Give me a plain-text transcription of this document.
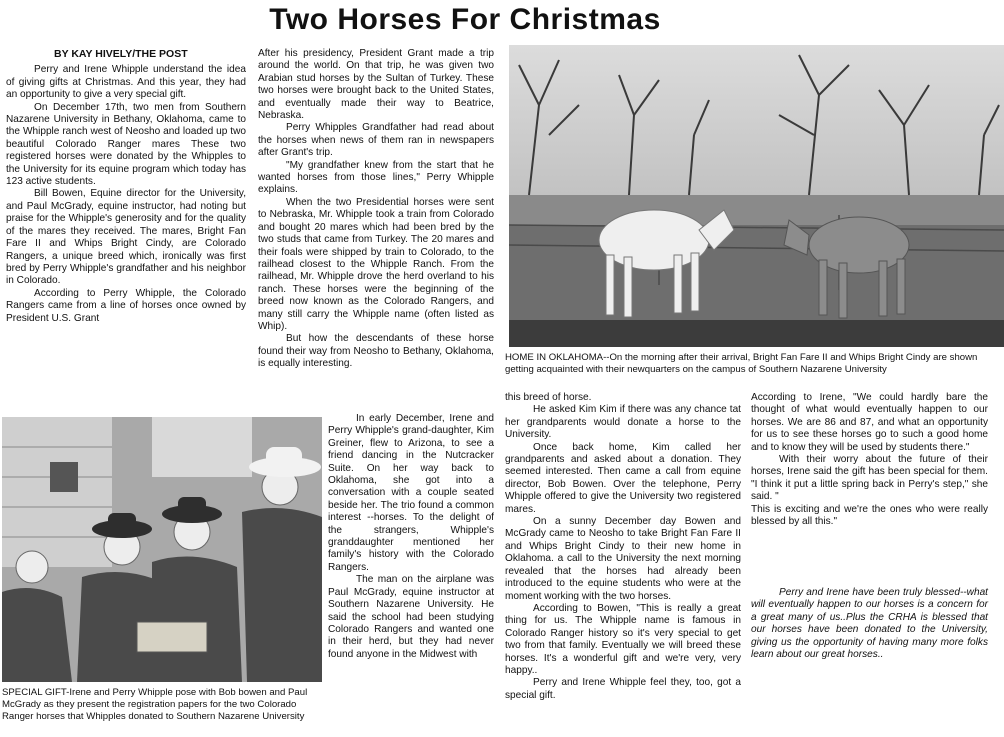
Two Horses For Christmas

BY KAY HIVELY/THE POST

Perry and Irene Whipple understand the idea of giving gifts at Christmas. And this year, they had an opportunity to give a very special gift.

On December 17th, two men from Southern Nazarene University in Bethany, Oklahoma, came to the Whipple ranch west of Neosho and loaded up two beautiful Colorado Ranger mares These two registered horses were donated by the Whipples to the University for its equine program which today has 123 active students.

Bill Bowen, Equine director for the University, and Paul McGrady, equine instructor, had noting but praise for the Whipple's generosity and for the quality of the mares they received. The mares, Bright Fan Fare II and Whips Bright Cindy, are Colorado Rangers, a unique breed which, ironically was first bred by Perry Whipple's grandfather and his neighbor in Colorado.

According to Perry Whipple, the Colorado Rangers came from a line of horses once owned by President U.S. Grant

After his presidency, President Grant made a trip around the world. On that trip, he was given two Arabian stud horses by the Sultan of Turkey. These two horses were brought back to the United States, and eventually made their way to Beatrice, Nebraska.

Perry Whipples Grandfather had read about the horses when news of them ran in newspapers after Grant's trip.

"My grandfather knew from the start that he wanted horses from those lines," Perry Whipple explains.

When the two Presidential horses were sent to Nebraska, Mr. Whipple took a train from Colorado and bought 20 mares which had been bred by the two studs that came from Turkey. The 20 mares and their foals were shipped by train to Colorado, to the railhead closest to the Whipple Ranch. From the railhead, Mr. Whipple drove the herd overland to his ranch. These horses were the beginning of the breed now known as the Colorado Rangers, and many still carry the Whipple name (often listed as Whip).

But how the descendants of these horse found their way from Neosho to Bethany, Oklahoma, is equally interesting.

In early December, Irene and Perry Whipple's grand-daughter, Kim Greiner, flew to Arizona, to see a friend dancing in the Nutcracker Suite. On her way back to Oklahoma, she got into a conversation with a couple seated beside her. The trio found a common interest --horses. To the delight of the strangers, Whipple's granddaughter mentioned her family's history with the Colorado Rangers.

The man on the airplane was Paul McGrady, equine instructor at Southern Nazarene University. He said the school had been studying Colorado Rangers and wanted one in their herd, but they had never found anyone in the Midwest with

HOME IN OKLAHOMA--On the morning after their arrival, Bright Fan Fare II and Whips Bright Cindy are shown getting acquainted with their newquarters on the campus of Southern Nazarene University
SPECIAL GIFT-Irene and Perry Whipple pose with Bob bowen and Paul McGrady as they present the registration papers for the two Colorado Ranger horses that Whipples donated to Southern Nazarene University

this breed of horse.

He asked Kim Kim if there was any chance tat her grandparents would donate a horse to the University.

Once back home, Kim called her grandparents and asked about a donation. They seemed interested. Then came a call from equine director, Bob Bowen. Over the telephone, Perry Whipple offered to give the University two registered mares.

On a sunny December day Bowen and McGrady came to Neosho to take Bright Fan Fare II and Whips Bright Cindy to their new home in Oklahoma. a call to the University the next morning revealed that the horses had already been introduced to the equine students who were at the moment working with the two horses.

According to Bowen, "This is really a great thing for us. The Whipple name is famous in Colorado Ranger history so it's very special to get two from that family. Eventually we will breed these horses. It's a wonderful gift and we're very, very happy..

Perry and Irene Whipple feel they, too, got a special gift.

According to Irene, "We could hardly bare the thought of what would eventually happen to our horses. We are 86 and 87, and what an opportunity for us to see these horses go to such a good home and to know they will be used by students there."

With their worry about the future of their horses, Irene said the gift has been special for them. "I think it put a little spring back in Perry's step," she said. "

This is exciting and we're the ones who were really blessed by all this."

Perry and Irene have been truly blessed--what will eventually happen to our horses is a concern for a great many of us..Plus the CRHA is blessed that our horses have been donated to the University, giving us the opportunity of having many more folks learn about our great horses..
